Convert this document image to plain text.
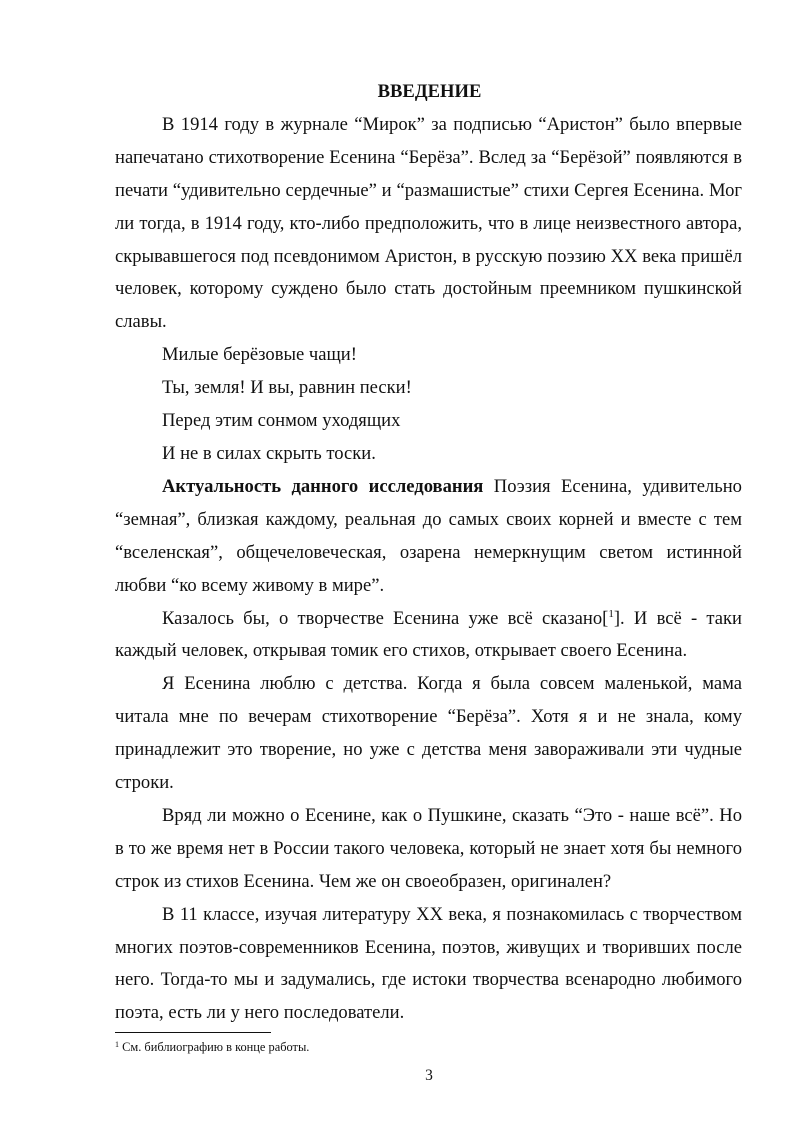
ВВЕДЕНИЕ

В 1914 году в журнале “Мирок” за подписью “Аристон” было впервые напечатано стихотворение Есенина “Берёза”. Вслед за “Берёзой” появляются в печати “удивительно сердечные” и “размашистые” стихи Сергея Есенина. Мог ли тогда, в 1914 году, кто-либо предположить, что в лице неизвестного автора, скрывавшегося под псевдонимом Аристон, в русскую поэзию XX века пришёл человек, которому суждено было стать достойным преемником пушкинской славы.

Милые берёзовые чащи!

Ты, земля! И вы, равнин пески!

Перед этим сонмом уходящих

И не в силах скрыть тоски.

Актуальность данного исследования Поэзия Есенина, удивительно “земная”, близкая каждому, реальная до самых своих корней и вместе с тем “вселенская”, общечеловеческая, озарена немеркнущим светом истинной любви “ко всему живому в мире”.

Казалось бы, о творчестве Есенина уже всё сказано[$^1$]. И всё - таки каждый человек, открывая томик его стихов, открывает своего Есенина.

Я Есенина люблю с детства. Когда я была совсем маленькой, мама читала мне по вечерам стихотворение “Берёза”. Хотя я и не знала, кому принадлежит это творение, но уже с детства меня завораживали эти чудные строки.

Вряд ли можно о Есенине, как о Пушкине, сказать “Это - наше всё”. Но в то же время нет в России такого человека, который не знает хотя бы немного строк из стихов Есенина. Чем же он своеобразен, оригинален?

В 11 классе, изучая литературу XX века, я познакомилась с творчеством многих поэтов-современников Есенина, поэтов, живущих и творивших после него. Тогда-то мы и задумались, где истоки творчества всенародно любимого поэта, есть ли у него последователи.

$^1$ См. библиографию в конце работы.
3
